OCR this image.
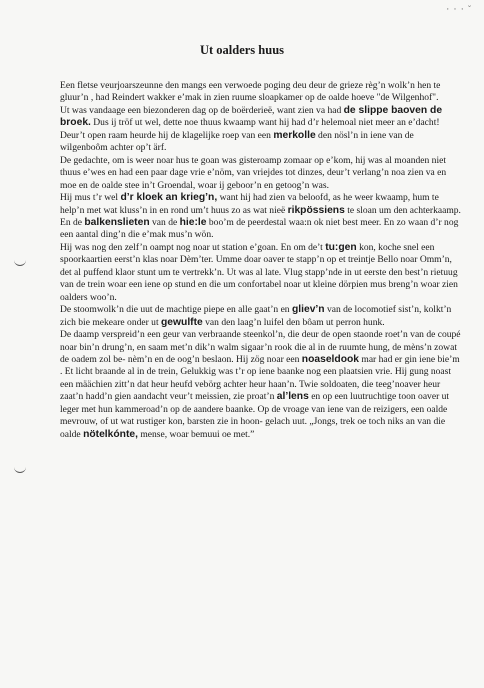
· · · ˘
Ut oalders huus

Een fletse veurjoarszeunne den mangs een verwoede poging deu deur de grieze règ’n wolk’n hen te gluur’n , had Reindert wakker e’mak in zien ruume sloapkamer op de oalde hoeve "de Wilgenhof".

Ut was vandaage een biezonderen dag op de boërderieë, want zien va had de slippe baoven de broek. Dus ij tröf ut wel, dette noe thuus kwaamp want hij had d’r helemoal niet meer an e’dacht!

Deur’t open raam heurde hij de klagelijke roep van een merkolle den nösl’n in iene van de wilgenboôm achter op’t ärf.

De gedachte, om is weer noar hus te goan was gisteroamp zomaar op e’kom, hij was al moanden niet thuus e’wes en had een paar dage vrie e’nöm, van vriejdes tot dinzes, deur’t verlang’n noa zien va en moe en de oalde stee in’t Groendal, woar ij geboor’n en getoog’n was.

Hij mus t’r wel d’r kloek an krieg’n, want hij had zien va beloofd, as he weer kwaamp, hum te help’n met wat kluss’n in en rond um’t huus zo as wat nieë rikpössiens te sloan um den achterkaamp. En de balkenslieten van de hie:le boo’m de peerdestal waa:n ok niet best meer. En zo waan d’r nog een aantal ding’n die e’mak mus’n wön.

Hij was nog den zelf’n oampt nog noar ut station e’goan. En om de’t tu:gen kon, koche snel een spoorkaartien eerst’n klas noar Dèm’ter. Umme doar oaver te stapp’n op et treintje Bello noar Omm’n, det al puffend klaor stunt um te vertrekk’n. Ut was al late. Vlug stapp’nde in ut eerste den best’n rietuug van de trein woar een iene op stund en die um confortabel noar ut kleine dörpien mus breng’n woar zien oalders woo’n.

De stoomwolk’n die uut de machtige piepe en alle gaat’n en gliev’n van de locomotief sist’n, kolkt’n zich bie mekeare onder ut gewulfte van den laag’n luifel den bôam ut perron hunk.

De daamp verspreid’n een geur van verbraande steenkol’n, die deur de open staonde roet’n van de coupé noar bin’n drung’n, en saam met’n dik’n walm sigaar’n rook die al in de ruumte hung, de mèns’n zowat de oadem zol be- nèm’n en de oog’n beslaon. Hij zög noar een noaseldook mar had er gin iene bie’m . Et licht braande al in de trein, Gelukkig was t’r op iene baanke nog een plaatsien vrie. Hij gung noast een määchien zitt’n dat heur heufd vebörg achter heur haan’n. Twie soldoaten, die teeg’noaver heur zaat’n hadd’n gien aandacht veur’t meissien, zie proat’n al’lens en op een luutruchtige toon oaver ut leger met hun kammeroad’n op de aandere baanke. Op de vroage van iene van de reizigers, een oalde mevrouw, of ut wat rustiger kon, barsten zie in hoon- gelach uut. „Jongs, trek oe toch niks an van die oalde nötelkónte, mense, woar bemuui oe met.”
